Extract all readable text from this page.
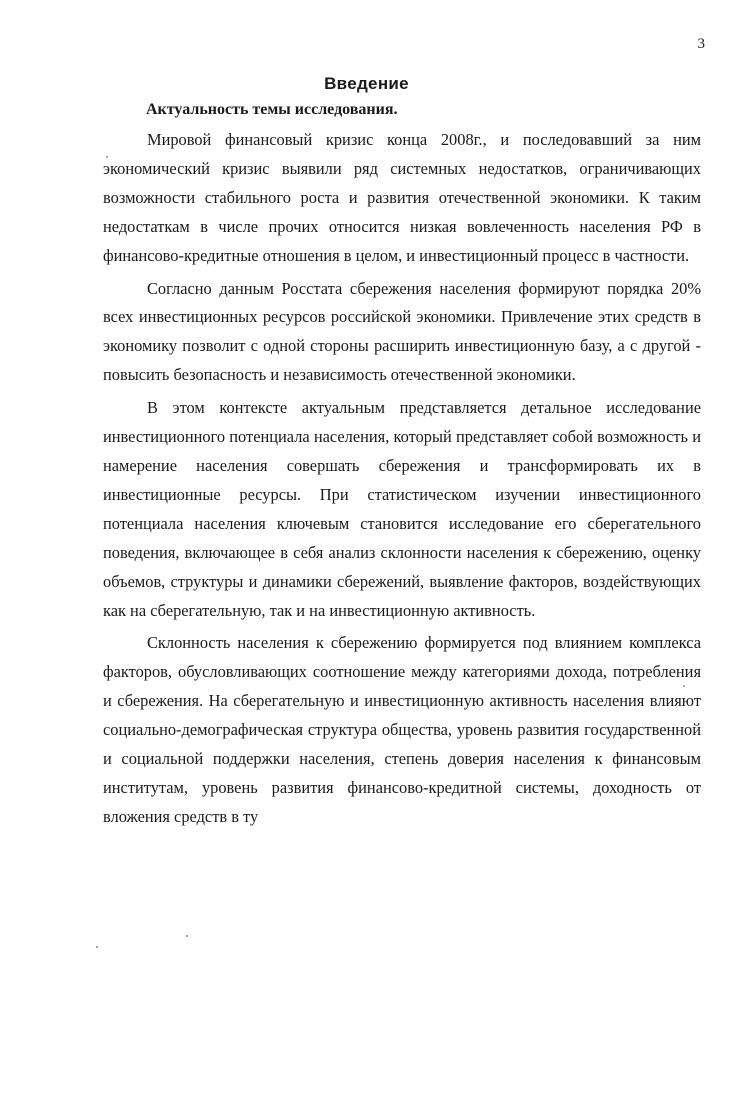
3
Введение
Актуальность темы исследования.

Мировой финансовый кризис конца 2008г., и последовавший за ним экономический кризис выявили ряд системных недостатков, ограничивающих возможности стабильного роста и развития отечественной экономики. К таким недостаткам в числе прочих относится низкая вовлеченность населения РФ в финансово-кредитные отношения в целом, и инвестиционный процесс в частности.

Согласно данным Росстата сбережения населения формируют порядка 20% всех инвестиционных ресурсов российской экономики. Привлечение этих средств в экономику позволит с одной стороны расширить инвестиционную базу, а с другой - повысить безопасность и независимость отечественной экономики.

В этом контексте актуальным представляется детальное исследование инвестиционного потенциала населения, который представляет собой возможность и намерение населения совершать сбережения и трансформировать их в инвестиционные ресурсы. При статистическом изучении инвестиционного потенциала населения ключевым становится исследование его сберегательного поведения, включающее в себя анализ склонности населения к сбережению, оценку объемов, структуры и динамики сбережений, выявление факторов, воздействующих как на сберегательную, так и на инвестиционную активность.

Склонность населения к сбережению формируется под влиянием комплекса факторов, обусловливающих соотношение между категориями дохода, потребления и сбережения. На сберегательную и инвестиционную активность населения влияют социально-демографическая структура общества, уровень развития государственной и социальной поддержки населения, степень доверия населения к финансовым институтам, уровень развития финансово-кредитной системы, доходность от вложения средств в ту
